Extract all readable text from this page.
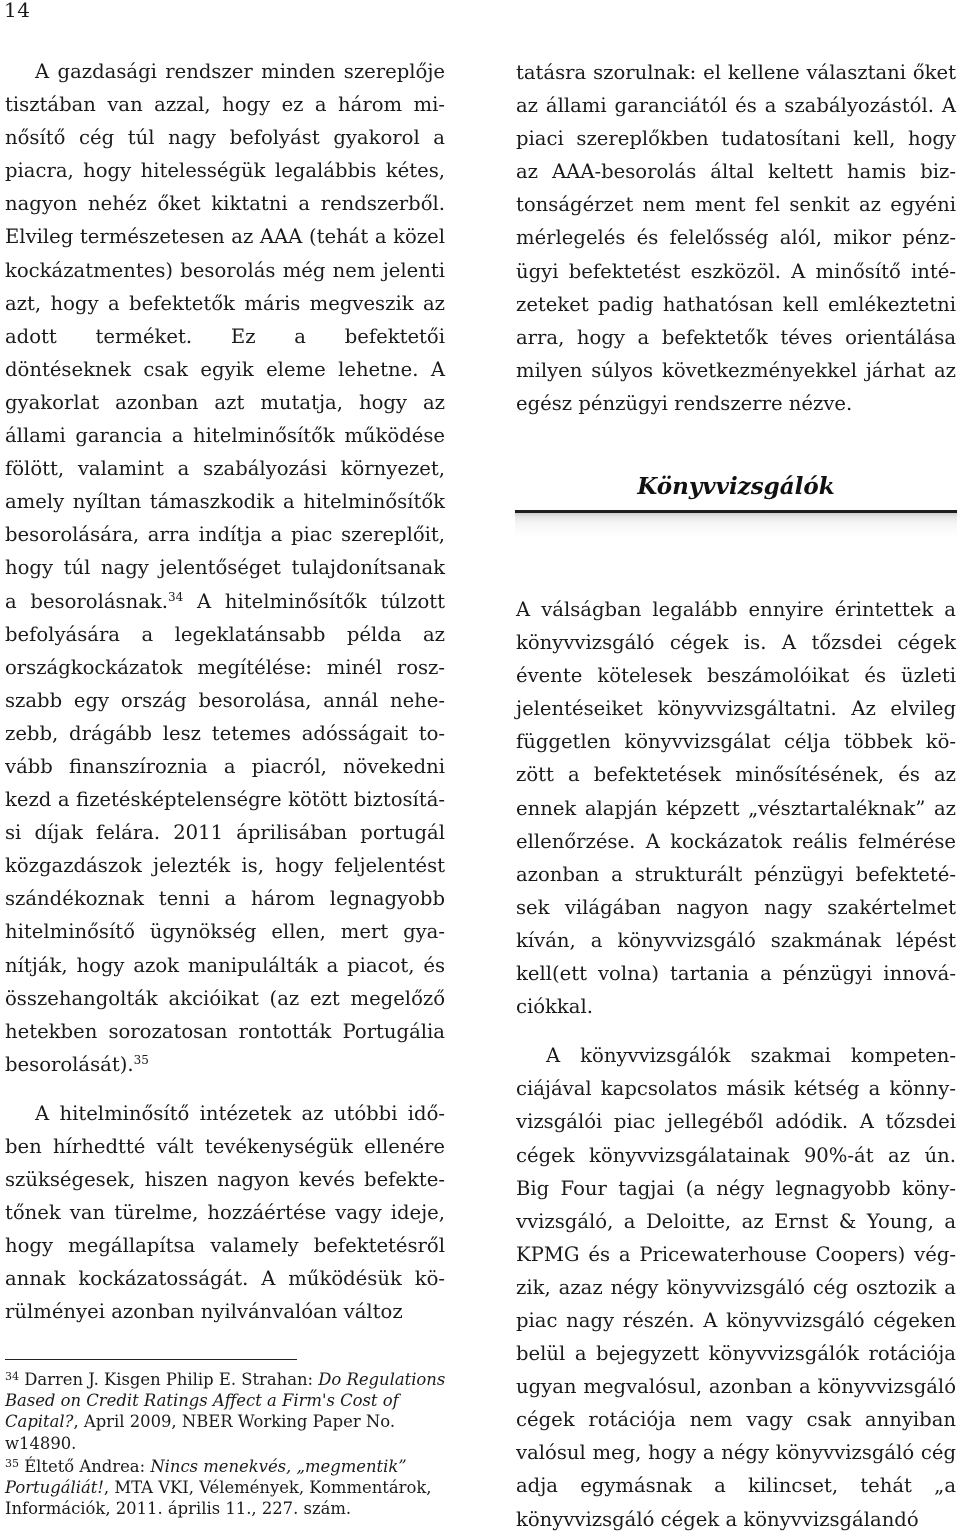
14

A gazdasági rendszer minden szereplője tisztában van azzal, hogy ez a három minősítő cég túl nagy befolyást gyakorol a piacra, hogy hitelességük legalábbis kétes, nagyon nehéz őket kiktatni a rendszerből. Elvileg természetesen az AAA (tehát a közel kockázatmentes) besorolás még nem jelenti azt, hogy a befektetők máris megveszik az adott terméket. Ez a befektetői döntéseknek csak egyik eleme lehetne. A gyakorlat azonban azt mutatja, hogy az állami garancia a hitelminősítők működése fölött, valamint a szabályozási környezet, amely nyíltan támaszkodik a hitelminősítők besorolására, arra indítja a piac szereplőit, hogy túl nagy jelentőséget tulajdonítsanak a besorolásnak.$^{34}$ A hitelminősítők túlzott befolyására a legeklatánsabb példa az országkockázatok megítélése: minél roszszabb egy ország besorolása, annál nehezebb, drágább lesz tetemes adósságait tovább finanszíroznia a piacról, növekedni kezd a fizetésképtelenségre kötött biztosítási díjak felára. 2011 áprilisában portugál közgazdászok jelezték is, hogy feljelentést szándékoznak tenni a három legnagyobb hitelminősítő ügynökség ellen, mert gyanítják, hogy azok manipulálták a piacot, és összehangolták akcióikat (az ezt megelőző hetekben sorozatosan rontották Portugália besorolását).$^{35}$

A hitelminősítő intézetek az utóbbi időben hírhedtté vált tevékenységük ellenére szükségesek, hiszen nagyon kevés befektetőnek van türelme, hozzáértése vagy ideje, hogy megállapítsa valamely befektetésről annak kockázatosságát. A működésük körülményei azonban nyilvánvalóan változ

$^{34}$ Darren J. Kisgen Philip E. Strahan: Do Regulations Based on Credit Ratings Affect a Firm's Cost of Capital?, April 2009, NBER Working Paper No. w14890.

$^{35}$ Éltető Andrea: Nincs menekvés, „megmentik” Portugáliát!, MTA VKI, Vélemények, Kommentárok, Információk, 2011. április 11., 227. szám.

tatásra szorulnak: el kellene választani őket az állami garanciától és a szabályozástól. A piaci szereplőkben tudatosítani kell, hogy az AAA-besorolás által keltett hamis biztonságérzet nem ment fel senkit az egyéni mérlegelés és felelősség alól, mikor pénzügyi befektetést eszközöl. A minősítő intézeteket padig hathatósan kell emlékeztetni arra, hogy a befektetők téves orientálása milyen súlyos következményekkel járhat az egész pénzügyi rendszerre nézve.

Könyvvizsgálók

A válságban legalább ennyire érintettek a könyvvizsgáló cégek is. A tőzsdei cégek évente kötelesek beszámolóikat és üzleti jelentéseiket könyvvizsgáltatni. Az elvileg független könyvvizsgálat célja többek között a befektetések minősítésének, és az ennek alapján képzett „vésztartaléknak” az ellenőrzése. A kockázatok reális felmérése azonban a strukturált pénzügyi befektetések világában nagyon nagy szakértelmet kíván, a könyvvizsgáló szakmának lépést kell(ett volna) tartania a pénzügyi innovációkkal.

A könyvvizsgálók szakmai kompetenciájával kapcsolatos másik kétség a könnyvizsgálói piac jellegéből adódik. A tőzsdei cégek könyvvizsgálatainak 90%-át az ún. Big Four tagjai (a négy legnagyobb könyvvizsgáló, a Deloitte, az Ernst & Young, a KPMG és a Pricewaterhouse Coopers) végzik, azaz négy könyvvizsgáló cég osztozik a piac nagy részén. A könyvvizsgáló cégeken belül a bejegyzett könyvvizsgálók rotációja ugyan megvalósul, azonban a könyvvizsgáló cégek rotációja nem vagy csak annyiban valósul meg, hogy a négy könyvvizsgáló cég adja egymásnak a kilincset, tehát „a könyvvizsgáló cégek a könyvvizsgálandó
